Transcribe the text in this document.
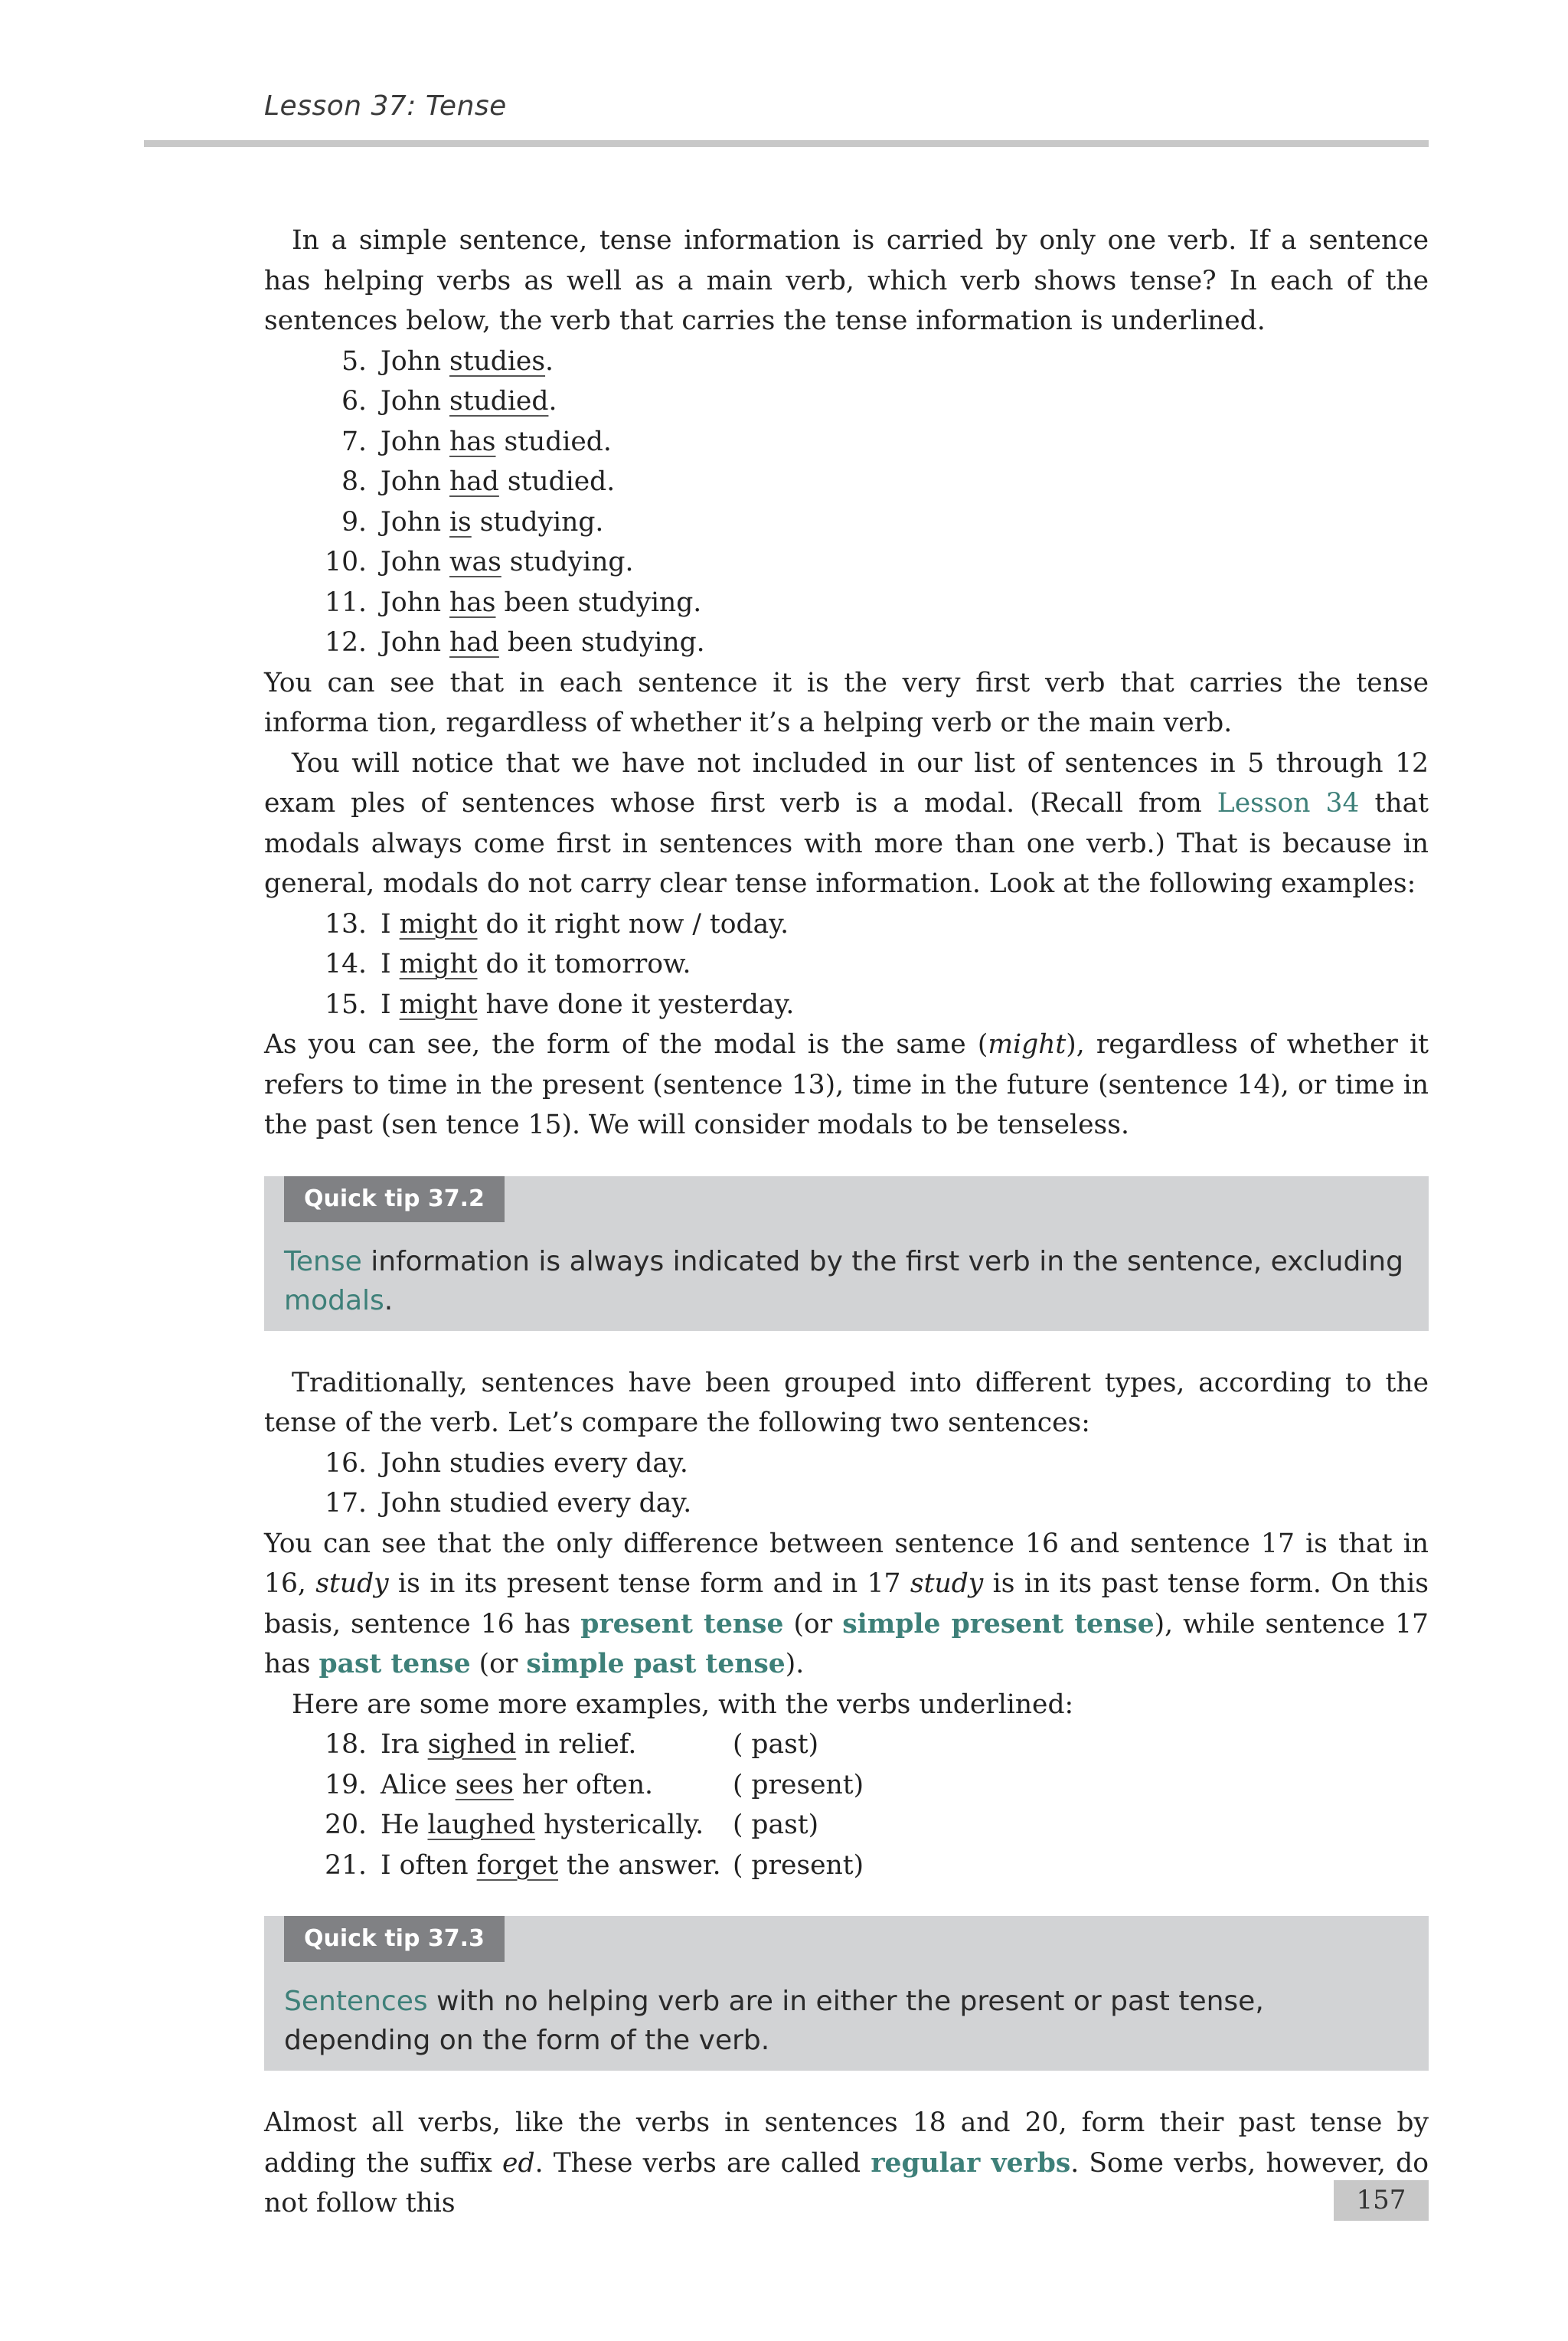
Lesson 37: Tense

In a simple sentence, tense information is carried by only one verb. If a sentence has helping verbs as well as a main verb, which verb shows tense? In each of the sentences below, the verb that carries the tense information is underlined.

5. John studies .
6. John studied .
7. John has studied.
8. John had studied.
9. John is studying.
10. John was studying.
11. John has been studying.
12. John had been studying.

You can see that in each sentence it is the very first verb that carries the tense informa tion, regardless of whether it’s a helping verb or the main verb.

You will notice that we have not included in our list of sentences in 5 through 12 exam ples of sentences whose first verb is a modal. (Recall from Lesson 34 that modals always come first in sentences with more than one verb.) That is because in general, modals do not carry clear tense information. Look at the following examples:

13. I might do it right now / today.
14. I might do it tomorrow.
15. I might have done it yesterday.

As you can see, the form of the modal is the same (might), regardless of whether it refers to time in the present (sentence 13), time in the future (sentence 14), or time in the past (sen tence 15). We will consider modals to be tenseless.

Quick tip 37.2
Tense information is always indicated by the first verb in the sentence, excluding modals.

Traditionally, sentences have been grouped into different types, according to the tense of the verb. Let’s compare the following two sentences:

16. John studies every day.
17. John studied every day.

You can see that the only difference between sentence 16 and sentence 17 is that in 16, study is in its present tense form and in 17 study is in its past tense form. On this basis, sentence 16 has present tense (or simple present tense), while sentence 17 has past tense (or simple past tense).

Here are some more examples, with the verbs underlined:

18. Ira sighed in relief.	( past)
19. Alice sees her often.	( present)
20. He laughed hysterically.	( past)
21. I often forget the answer. ( present)
Quick tip 37.3
Sentences with no helping verb are in either the present or past tense, depending on the form of the verb.

Almost all verbs, like the verbs in sentences 18 and 20, form their past tense by adding the suffix ed. These verbs are called regular verbs. Some verbs, however, do not follow this	157
